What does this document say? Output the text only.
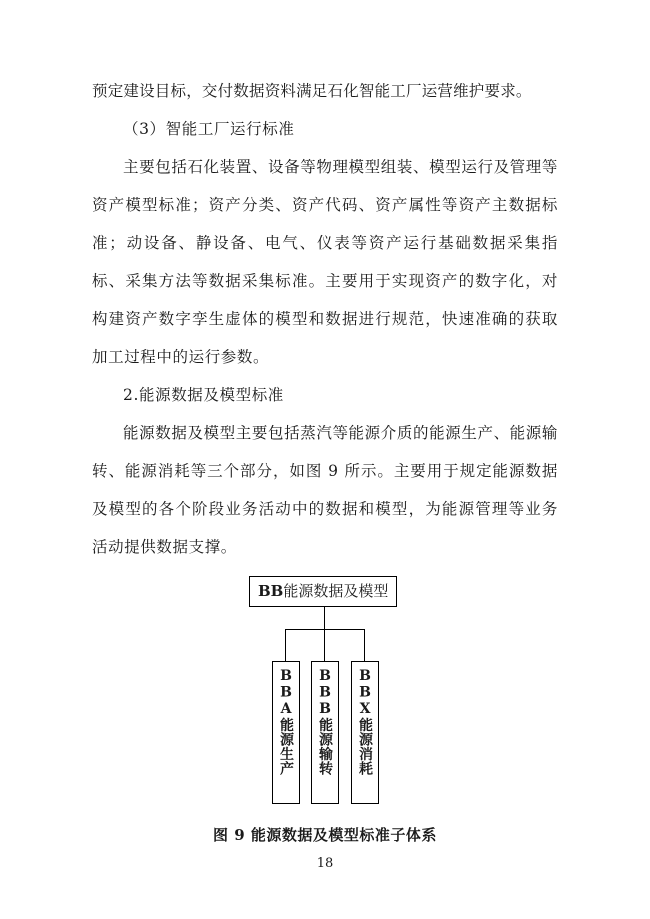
预定建设目标，交付数据资料满足石化智能工厂运营维护要求。

（3）智能工厂运行标准

主要包括石化装置、设备等物理模型组装、模型运行及管理等资产模型标准；资产分类、资产代码、资产属性等资产主数据标准；动设备、静设备、电气、仪表等资产运行基础数据采集指标、采集方法等数据采集标准。主要用于实现资产的数字化，对构建资产数字孪生虚体的模型和数据进行规范，快速准确的获取加工过程中的运行参数。

2.能源数据及模型标准

能源数据及模型主要包括蒸汽等能源介质的能源生产、能源输转、能源消耗等三个部分，如图 9 所示。主要用于规定能源数据及模型的各个阶段业务活动中的数据和模型，为能源管理等业务活动提供数据支撑。

BB能源数据及模型
BBA能源生产
BBB能源输转
BBX能源消耗
图 9 能源数据及模型标准子体系
18
